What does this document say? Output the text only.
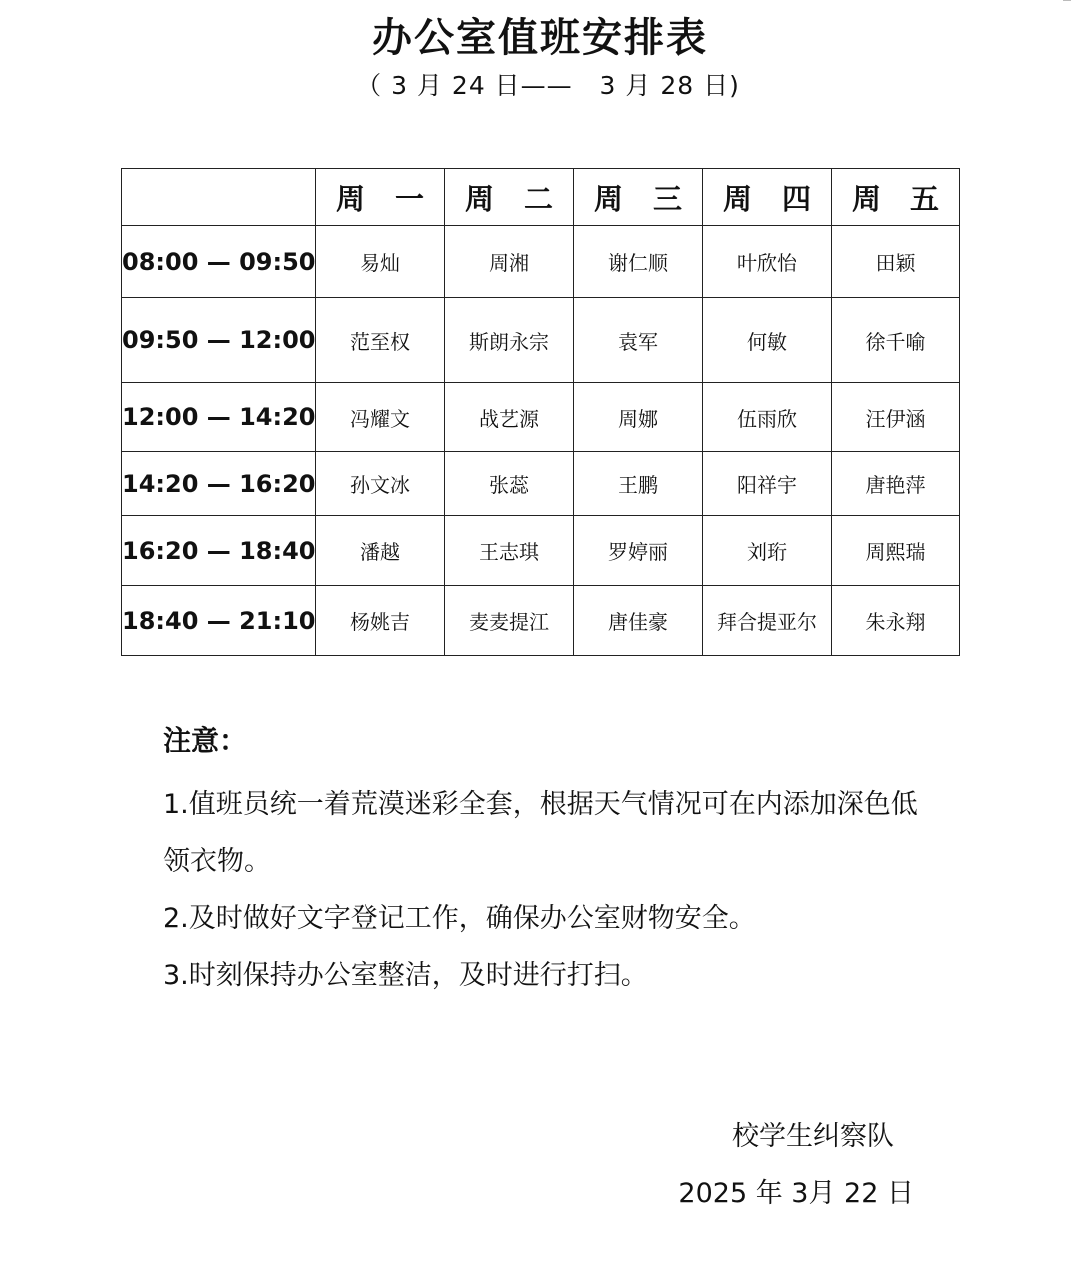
办公室值班安排表
（ 3 月 24 日——   3 月 28 日)

	周 一	周 二	周 三	周 四	周 五

08:00 — 09:50	易灿	周湘	谢仁顺	叶欣怡	田颖
09:50 — 12:00	范至权	斯朗永宗	袁军	何敏	徐千喻
12:00 — 14:20	冯耀文	战艺源	周娜	伍雨欣	汪伊涵
14:20 — 16:20	孙文冰	张蕊	王鹏	阳祥宇	唐艳萍
16:20 — 18:40	潘越	王志琪	罗婷丽	刘珩	周熙瑞
18:40 — 21:10	杨姚吉	麦麦提江	唐佳豪	拜合提亚尔	朱永翔
注意：

1.值班员统一着荒漠迷彩全套，根据天气情况可在内添加深色低领衣物。

2.及时做好文字登记工作，确保办公室财物安全。

3.时刻保持办公室整洁，及时进行打扫。

校学生纠察队
2025 年 3月 22 日
